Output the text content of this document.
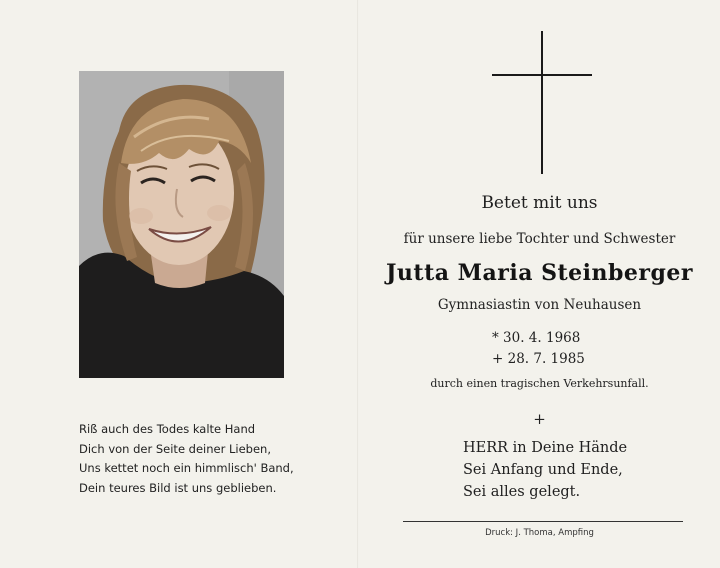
Riß auch des Todes kalte Hand
Dich von der Seite deiner Lieben,
Uns kettet noch ein himmlisch' Band,
Dein teures Bild ist uns geblieben.
Betet mit uns
für unsere liebe Tochter und Schwester
Jutta Maria Steinberger
Gymnasiastin von Neuhausen
* 30. 4. 1968
+ 28. 7. 1985
durch einen tragischen Verkehrsunfall.
+
HERR in Deine Hände
Sei Anfang und Ende,
Sei alles gelegt.
Druck: J. Thoma, Ampfing
